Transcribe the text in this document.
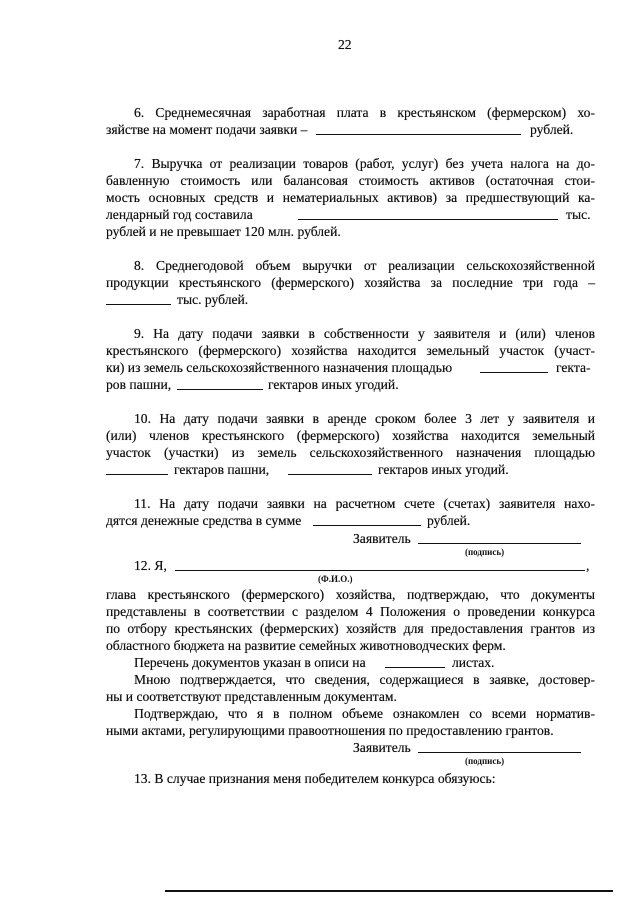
22
6. Среднемесячная заработная плата в крестьянском (фермерском) хо-
зяйстве на момент подачи заявки –	рублей.
7. Выручка от реализации товаров (работ, услуг) без учета налога на до-
бавленную стоимость или балансовая стоимость активов (остаточная стои-
мость основных средств и нематериальных активов) за предшествующий ка-
лендарный год составила	тыс.
рублей и не превышает 120 млн. рублей.
8. Среднегодовой объем выручки от реализации сельскохозяйственной
продукции крестьянского (фермерского) хозяйства за последние три года –
тыс. рублей.
9. На дату подачи заявки в собственности у заявителя и (или) членов
крестьянского (фермерского) хозяйства находится земельный участок (участ-
ки) из земель сельскохозяйственного назначения площадью	гекта-
ров пашни,	гектаров иных угодий.
10. На дату подачи заявки в аренде сроком более 3 лет у заявителя и
(или) членов крестьянского (фермерского) хозяйства находится земельный
участок (участки) из земель сельскохозяйственного назначения площадью
гектаров пашни,	гектаров иных угодий.
11. На дату подачи заявки на расчетном счете (счетах) заявителя нахо-
дятся денежные средства в сумме	рублей.
Заявитель
(подпись)
12. Я,	,
(Ф.И.О.)
глава крестьянского (фермерского) хозяйства, подтверждаю, что документы
представлены в соответствии с разделом 4 Положения о проведении конкурса
по отбору крестьянских (фермерских) хозяйств для предоставления грантов из
областного бюджета на развитие семейных животноводческих ферм.
Перечень документов указан в описи на	листах.
Мною подтверждается, что сведения, содержащиеся в заявке, достовер-
ны и соответствуют представленным документам.
Подтверждаю, что я в полном объеме ознакомлен со всеми норматив-
ными актами, регулирующими правоотношения по предоставлению грантов.
Заявитель
(подпись)
13. В случае признания меня победителем конкурса обязуюсь:
